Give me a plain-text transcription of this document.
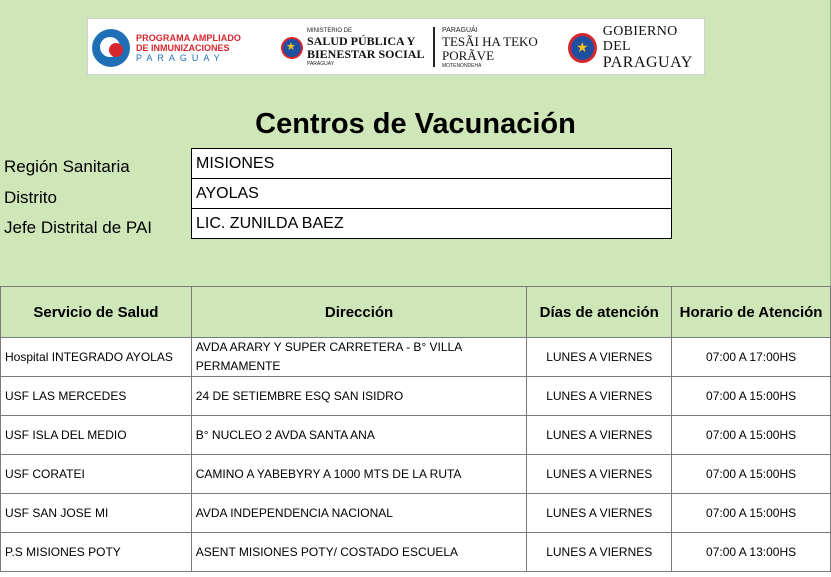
PROGRAMA AMPLIADO
DE INMUNIZACIONES
PARAGUAY
★
MINISTERIO DE
SALUD PÚBLICA Y
BIENESTAR SOCIAL
PARAGUAY
PARAGUÁI
TESÃI HA TEKO
PORÃVE
MOTENONDEHA
★
GOBIERNO DEL
PARAGUAY
Centros de Vacunación
Región Sanitaria	MISIONES
Distrito	AYOLAS
Jefe Distrital de PAI	LIC. ZUNILDA BAEZ
Servicio de Salud	Dirección	Días de atención	Horario de Atención
Hospital INTEGRADO AYOLAS	AVDA ARARY Y SUPER CARRETERA - B° VILLA PERMAMENTE	LUNES A VIERNES	07:00 A 17:00HS
USF LAS MERCEDES	24 DE SETIEMBRE ESQ SAN ISIDRO	LUNES A VIERNES	07:00 A 15:00HS
USF ISLA DEL MEDIO	B° NUCLEO 2 AVDA SANTA ANA	LUNES A VIERNES	07:00 A 15:00HS
USF CORATEI	CAMINO A YABEBYRY A 1000 MTS DE LA RUTA	LUNES A VIERNES	07:00 A 15:00HS
USF SAN JOSE MI	AVDA INDEPENDENCIA NACIONAL	LUNES A VIERNES	07:00 A 15:00HS
P.S MISIONES POTY	ASENT MISIONES POTY/ COSTADO ESCUELA	LUNES A VIERNES	07:00 A 13:00HS
